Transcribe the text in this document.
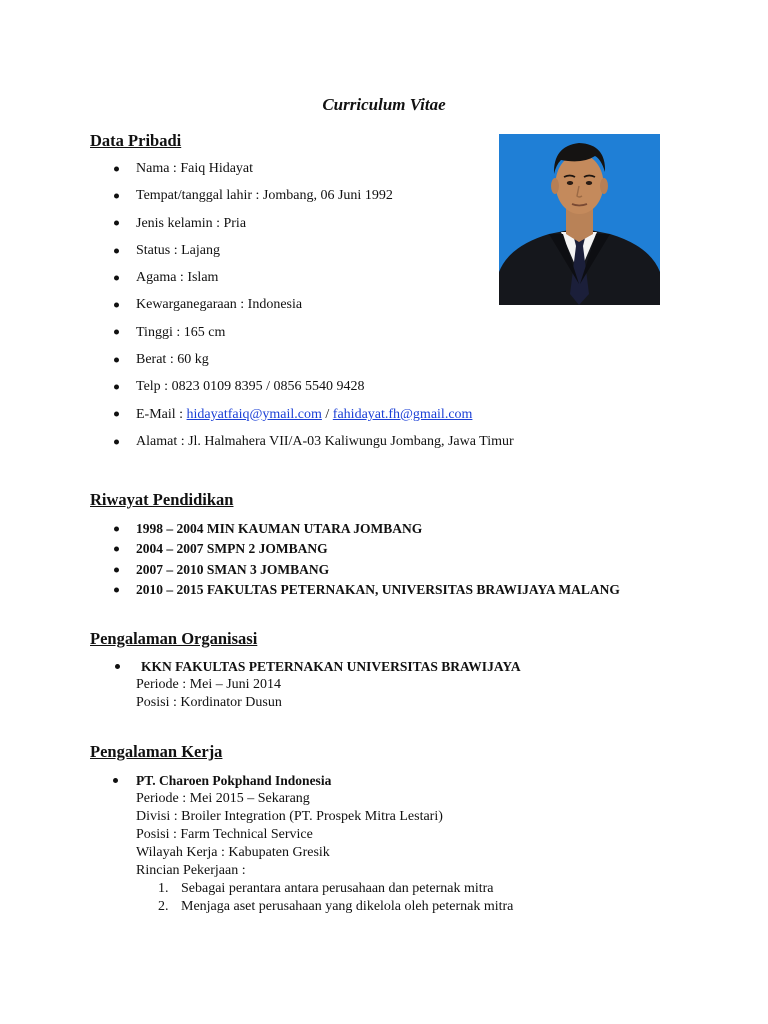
Curriculum Vitae
Data Pribadi
Nama : Faiq Hidayat
Tempat/tanggal lahir : Jombang, 06 Juni 1992
Jenis kelamin : Pria
Status : Lajang
Agama : Islam
Kewarganegaraan : Indonesia
Tinggi : 165 cm
Berat : 60 kg
Telp : 0823 0109 8395 / 0856 5540 9428
E-Mail : hidayatfaiq@ymail.com / fahidayat.fh@gmail.com
Alamat : Jl. Halmahera VII/A-03 Kaliwungu Jombang, Jawa Timur
Riwayat Pendidikan
1998 – 2004 MIN KAUMAN UTARA JOMBANG
2004 – 2007 SMPN 2 JOMBANG
2007 – 2010 SMAN 3 JOMBANG
2010 – 2015 FAKULTAS PETERNAKAN, UNIVERSITAS BRAWIJAYA MALANG
Pengalaman Organisasi
KKN FAKULTAS PETERNAKAN UNIVERSITAS BRAWIJAYA
Periode : Mei – Juni 2014
Posisi : Kordinator Dusun
Pengalaman Kerja
PT. Charoen Pokphand Indonesia
Periode : Mei 2015 – Sekarang
Divisi : Broiler Integration (PT. Prospek Mitra Lestari)
Posisi : Farm Technical Service
Wilayah Kerja : Kabupaten Gresik
Rincian Pekerjaan :
1. Sebagai perantara antara perusahaan dan peternak mitra
2. Menjaga aset perusahaan yang dikelola oleh peternak mitra
